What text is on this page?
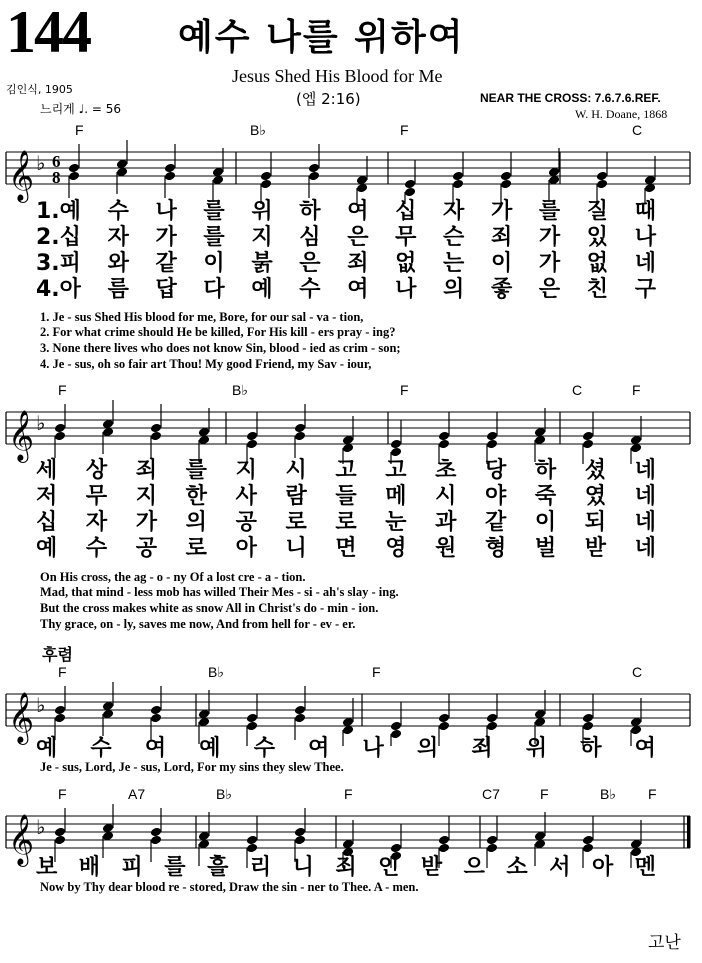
144 예수 나를 위하여
Jesus Shed His Blood for Me
(엡 2:16)
김인식, 1905
느리게 ♩. = 56
NEAR THE CROSS: 7.6.7.6.REF.
W. H. Doane, 1868
F	B♭	F	C
𝄞 ♭ 6
8
1.예 수 나 를 위 하 여 십 자 가 를 질 때
2.십 자 가 를 지 심 은 무 슨 죄 가 있 나
3.피 와 같 이 붉 은 죄 없 는 이 가 없 네
4.아 름 답 다 예 수 여 나 의 좋 은 친 구
1. Je - sus Shed His blood for me, Bore, for our sal - va - tion,
2. For what crime should He be killed, For His kill - ers pray - ing?
3. None there lives who does not know Sin, blood - ied as crim - son;
4. Je - sus, oh so fair art Thou! My good Friend, my Sav - iour,
F	B♭	F	C	F
𝄞 ♭
세 상 죄 를 지 시 고 고 초 당 하 셨 네
저 무 지 한 사 람 들 메 시 야 죽 였 네
십 자 가 의 공 로 로 눈 과 같 이 되 네
예 수 공 로 아 니 면 영 원 형 벌 받 네
On His cross, the ag - o - ny Of a lost cre - a - tion.
Mad, that mind - less mob has willed Their Mes - si - ah's slay - ing.
But the cross makes white as snow All in Christ's do - min - ion.
Thy grace, on - ly, saves me now, And from hell for - ev - er.
후렴
F	B♭	F	C
𝄞 ♭
예 수 여 예 수 여 나 의 죄 위 하 여
Je - sus, Lord, Je - sus, Lord, For my sins they slew Thee.
F	A7	B♭	F	C7	F	B♭ F
𝄞 ♭
보 배 피 를 흘 리 니 죄 인 받 으 소 서 아 멘
Now by Thy dear blood re - stored, Draw the sin - ner to Thee. A - men.
고난
